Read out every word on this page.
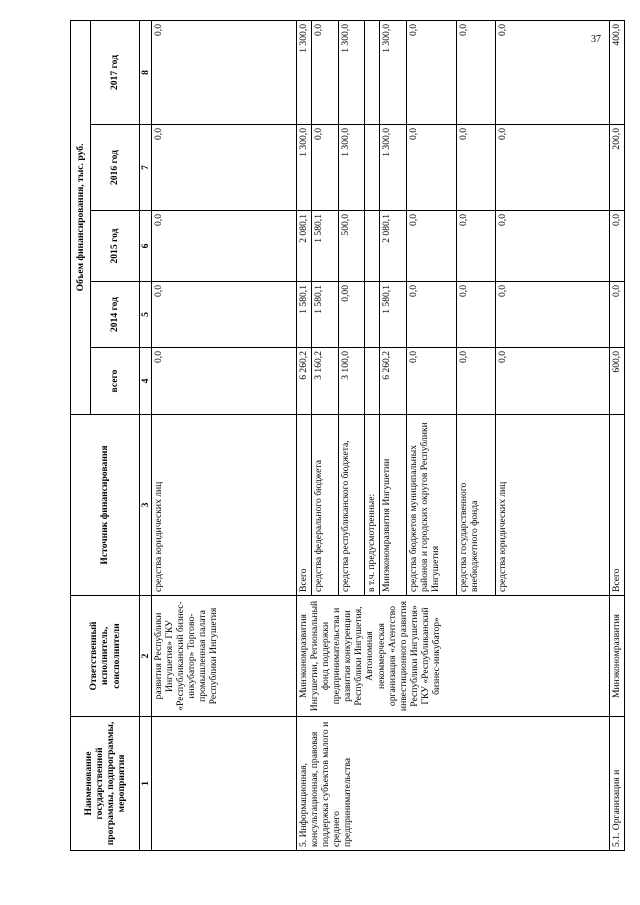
37
Наименование государственной программы, подпрограммы, мероприятия	Ответственный исполнитель, соисполнители	Источник финансирования	Объем финансирования, тыс. руб.				
			всего	2014 год	2015 год	2016 год	2017 год
1	2	3	4	5	6	7	8
	развития Республики Ингушетия» ГКУ «Республиканский бизнес-инкубатор» Торгово-промышленная палата Республики Ингушетия	средства юридических лиц	0,0	0,0	0,0	0,0	0,0
5. Информационная, консультационная, правовая поддержка субъектов малого и среднего предпринимательства	Минэкономразвития Ингушетии, Региональный фонд поддержки предпринимательства и развития конкуренции Республики Ингушетия, Автономная некоммерческая организация «Агентство инвестиционного развития Республики Ингушетия» ГКУ «Республиканский бизнес-инкубатор»	Всего	6 260,2	1 580,1	2 080,1	1 300,0	1 300,0
		средства федерального бюджета	3 160,2	1 580,1	1 580,1	0,0	0,0
		средства республиканского бюджета,	3 100,0	0,00	500,0	1 300,0	1 300,0
		в т.ч. предусмотренные:					
		Минэкономразвития Ингушетии	6 260,2	1 580,1	2 080,1	1 300,0	1 300,0
		средства бюджетов муниципальных районов и городских округов Республики Ингушетия	0,0	0,0	0,0	0,0	0,0
		средства государственного внебюджетного фонда	0,0	0,0	0,0	0,0	0,0
		средства юридических лиц	0,0	0,0	0,0	0,0	0,0
5.1. Организация и	Минэкономразвития	Всего	600,0	0,0	0,0	200,0	400,0
